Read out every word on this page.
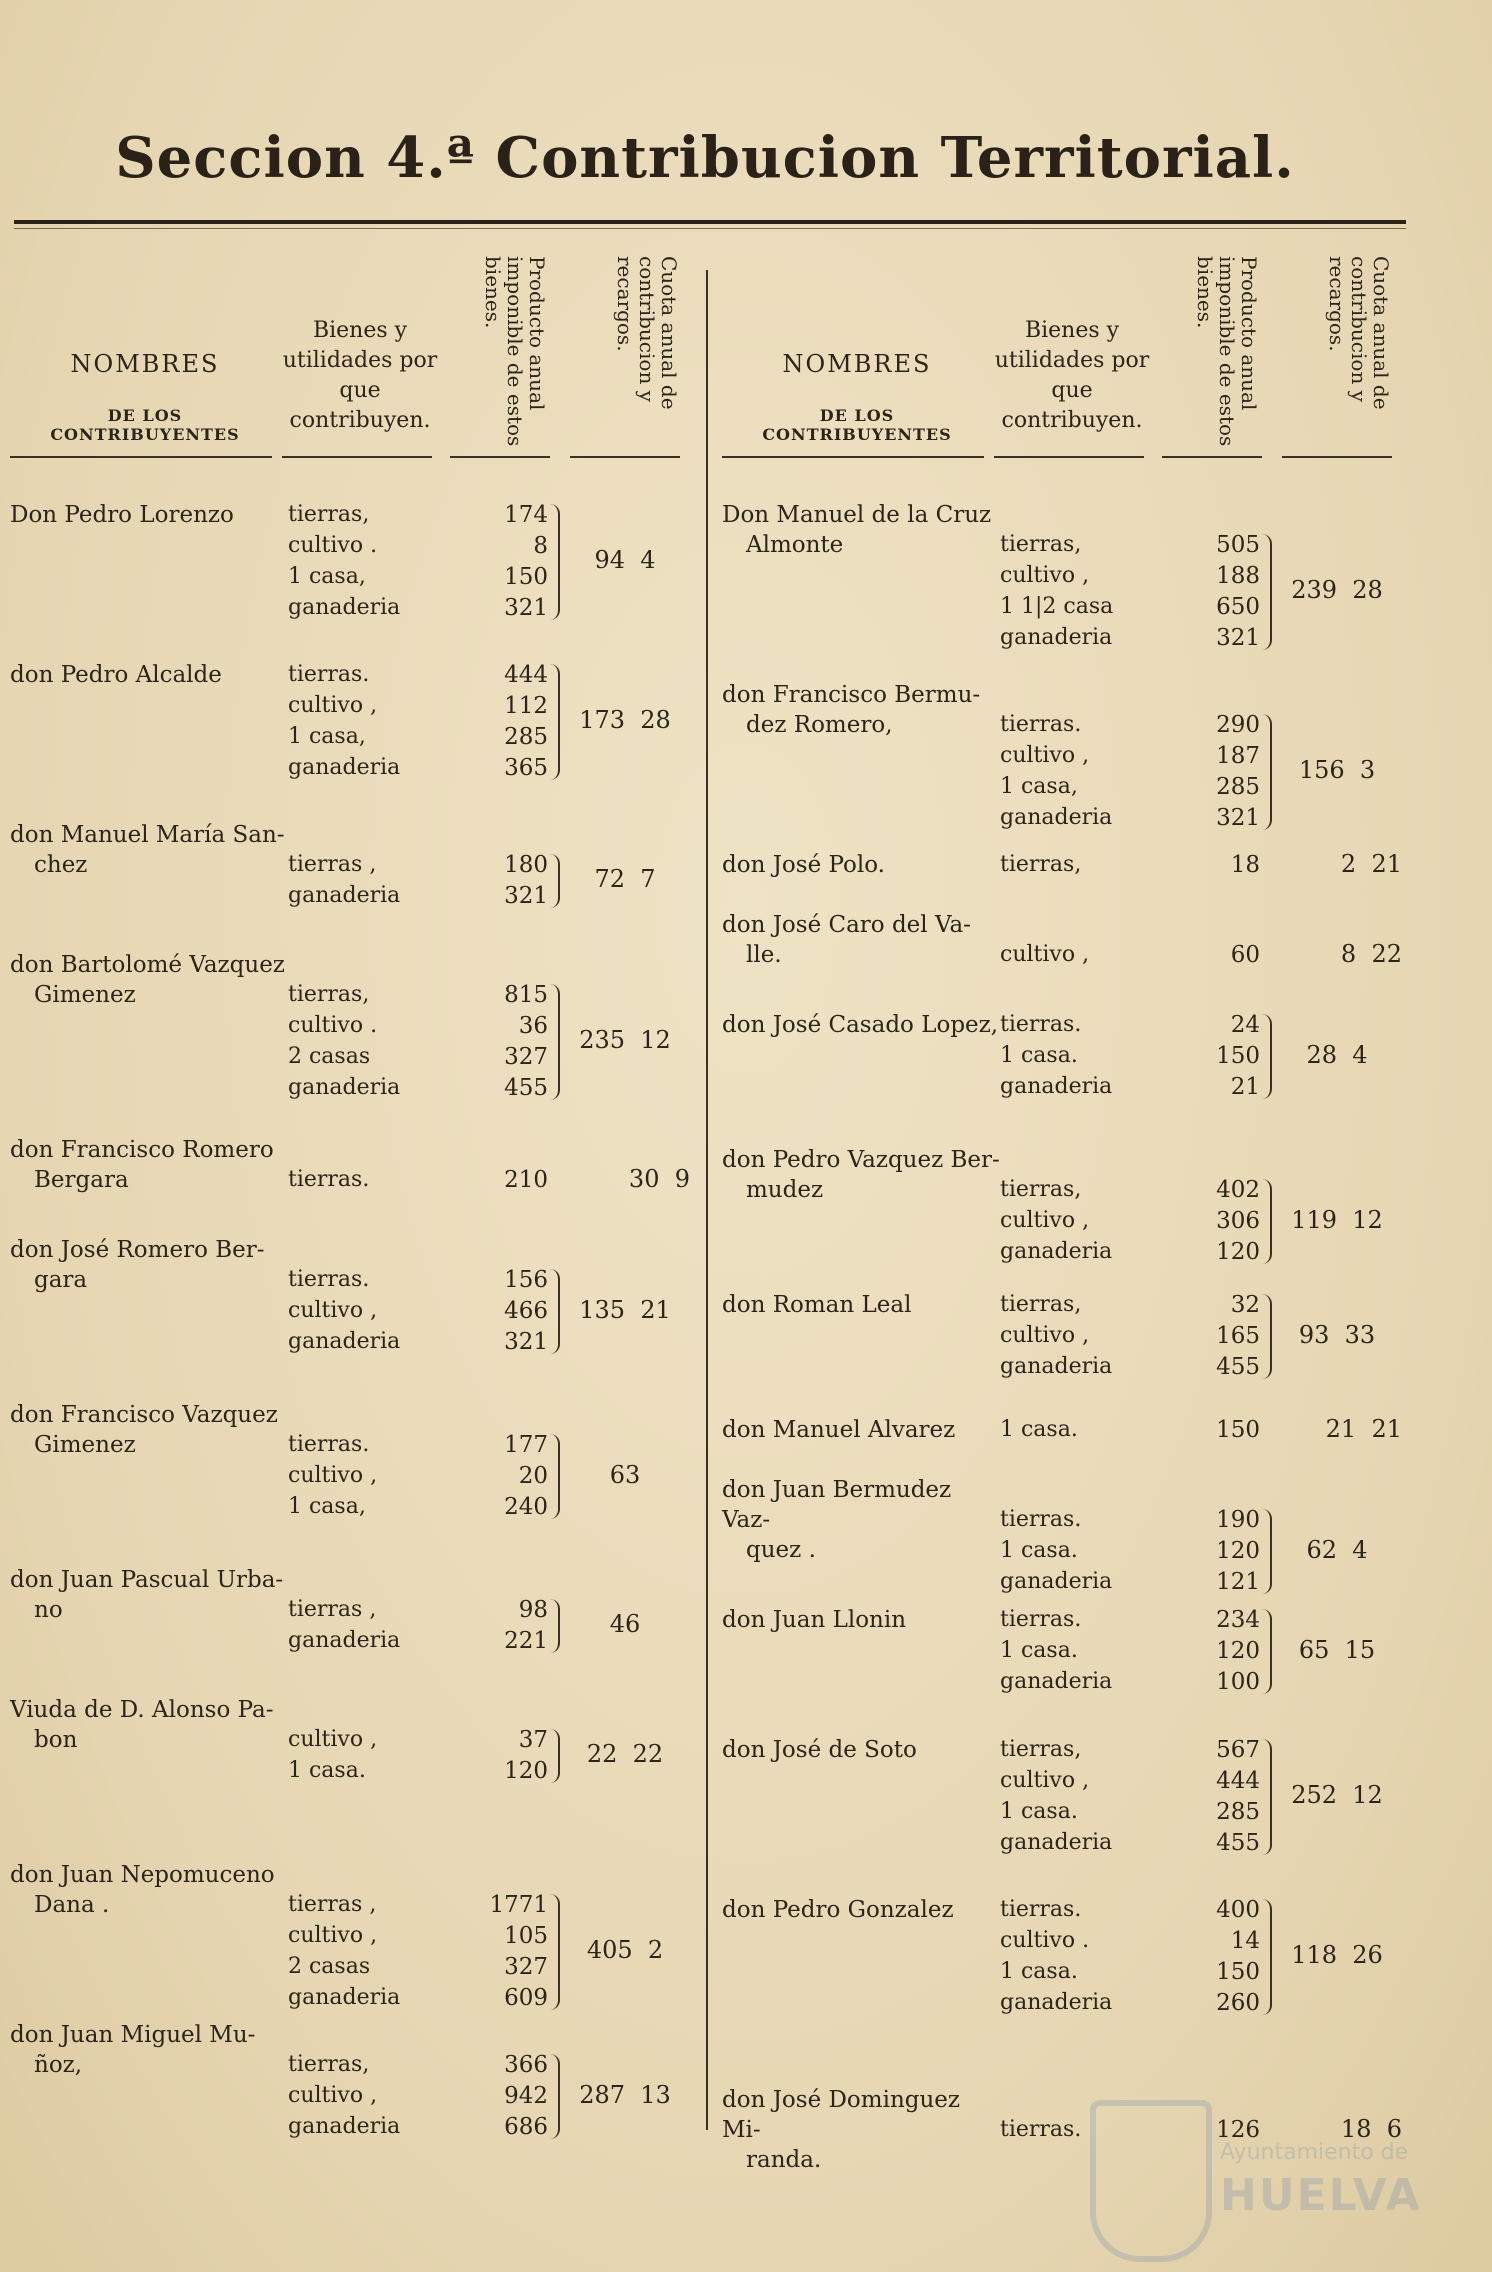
Seccion 4.ª Contribucion Territorial.
NOMBRES
DE LOS CONTRIBUYENTES
Bienes y utilidades por que contribuyen.
Producto anual imponible de estos bienes.	Cuota anual de contribucion y recargos.
Don Pedro Lorenzo	tierras,	174
cultivo .	8
1 casa,	150
ganaderia	321
94  4
don Pedro Alcalde	tierras.	444
cultivo ,	112
1 casa,	285
ganaderia	365
173  28
don Manuel María San-
chez	tierras ,	180
ganaderia	321
72  7
don Bartolomé Vazquez
Gimenez	tierras,	815
cultivo .	36
2 casas	327
ganaderia	455
235  12
don Francisco Romero
Bergara	tierras.	210	30  9
don José Romero Ber-
gara	tierras.	156
cultivo ,	466
ganaderia	321
135  21
don Francisco Vazquez
Gimenez	tierras.	177
cultivo ,	20
1 casa,	240
63
don Juan Pascual Urba-
no	tierras ,	98
ganaderia	221
46
Viuda de D. Alonso Pa-
bon	cultivo ,	37
1 casa.	120
22  22
don Juan Nepomuceno
Dana .	tierras ,	1771
cultivo ,	105
2 casas	327
ganaderia	609
405  2
don Juan Miguel Mu-
ñoz,	tierras,	366
cultivo ,	942
ganaderia	686
287  13
NOMBRES
DE LOS CONTRIBUYENTES
Bienes y utilidades por que contribuyen.
Producto anual imponible de estos bienes.	Cuota anual de contribucion y recargos.
Don Manuel de la Cruz
Almonte	tierras,	505
cultivo ,	188
1 1|2 casa	650
ganaderia	321
239  28
don Francisco Bermu-
dez Romero,	tierras.	290
cultivo ,	187
1 casa,	285
ganaderia	321
156  3
don José Polo.	tierras,	18	2  21
don José Caro del Va-
lle.	cultivo ,	60	8  22
don José Casado Lopez, tierras.	24
1 casa.	150
ganaderia	21
28  4
don Pedro Vazquez Ber-
mudez	tierras,	402
cultivo ,	306
ganaderia	120
119  12
don Roman Leal	tierras,	32
cultivo ,	165
ganaderia	455
93  33
don Manuel Alvarez	1 casa.	150	21  21
don Juan Bermudez Vaz-
quez .
tierras.	190
1 casa.	120
ganaderia	121
62  4
don Juan Llonin	tierras.	234
1 casa.	120
ganaderia	100
65  15
don José de Soto	tierras,	567
cultivo ,	444
1 casa.	285
ganaderia	455
252  12
don Pedro Gonzalez	tierras.	400
cultivo .	14
1 casa.	150
ganaderia	260
118  26
don José Dominguez Mi-
randa.
tierras.	126	18  6
Ayuntamiento de
HUELVA
